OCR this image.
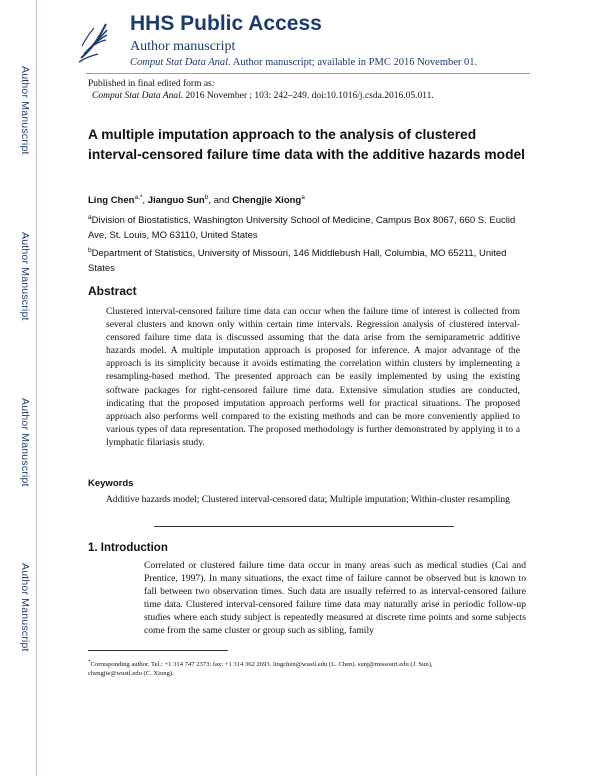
Author Manuscript
Author Manuscript
Author Manuscript
Author Manuscript
HHS Public Access
Author manuscript
Comput Stat Data Anal. Author manuscript; available in PMC 2016 November 01.
Published in final edited form as:
Comput Stat Data Anal. 2016 November ; 103: 242–249. doi:10.1016/j.csda.2016.05.011.
A multiple imputation approach to the analysis of clustered interval-censored failure time data with the additive hazards model
Ling Chen$^{a,*}$, Jianguo Sun$^b$, and Chengjie Xiong$^a$
$^a$Division of Biostatistics, Washington University School of Medicine, Campus Box 8067, 660 S. Euclid Ave, St. Louis, MO 63110, United States
$^b$Department of Statistics, University of Missouri, 146 Middlebush Hall, Columbia, MO 65211, United States
Abstract
Clustered interval-censored failure time data can occur when the failure time of interest is collected from several clusters and known only within certain time intervals. Regression analysis of clustered interval-censored failure time data is discussed assuming that the data arise from the semiparametric additive hazards model. A multiple imputation approach is proposed for inference. A major advantage of the approach is its simplicity because it avoids estimating the correlation within clusters by implementing a resampling-based method. The presented approach can be easily implemented by using the existing software packages for right-censored failure time data. Extensive simulation studies are conducted, indicating that the proposed imputation approach performs well for practical situations. The proposed approach also performs well compared to the existing methods and can be more conveniently applied to various types of data representation. The proposed methodology is further demonstrated by applying it to a lymphatic filariasis study.
Keywords
Additive hazards model; Clustered interval-censored data; Multiple imputation; Within-cluster resampling
1. Introduction
Correlated or clustered failure time data occur in many areas such as medical studies (Cai and Prentice, 1997). In many situations, the exact time of failure cannot be observed but is known to fall between two observation times. Such data are usually referred to as interval-censored failure time data. Clustered interval-censored failure time data may naturally arise in periodic follow-up studies where each study subject is repeatedly measured at discrete time points and some subjects come from the same cluster or group such as sibling, family
*Corresponding author. Tel.: +1 314 747 2373; fax: +1 314 362 2693. lingchen@wustl.edu (L. Chen). sunj@missouri.edu (J. Sun), chengjie@wustl.edu (C. Xiong).
